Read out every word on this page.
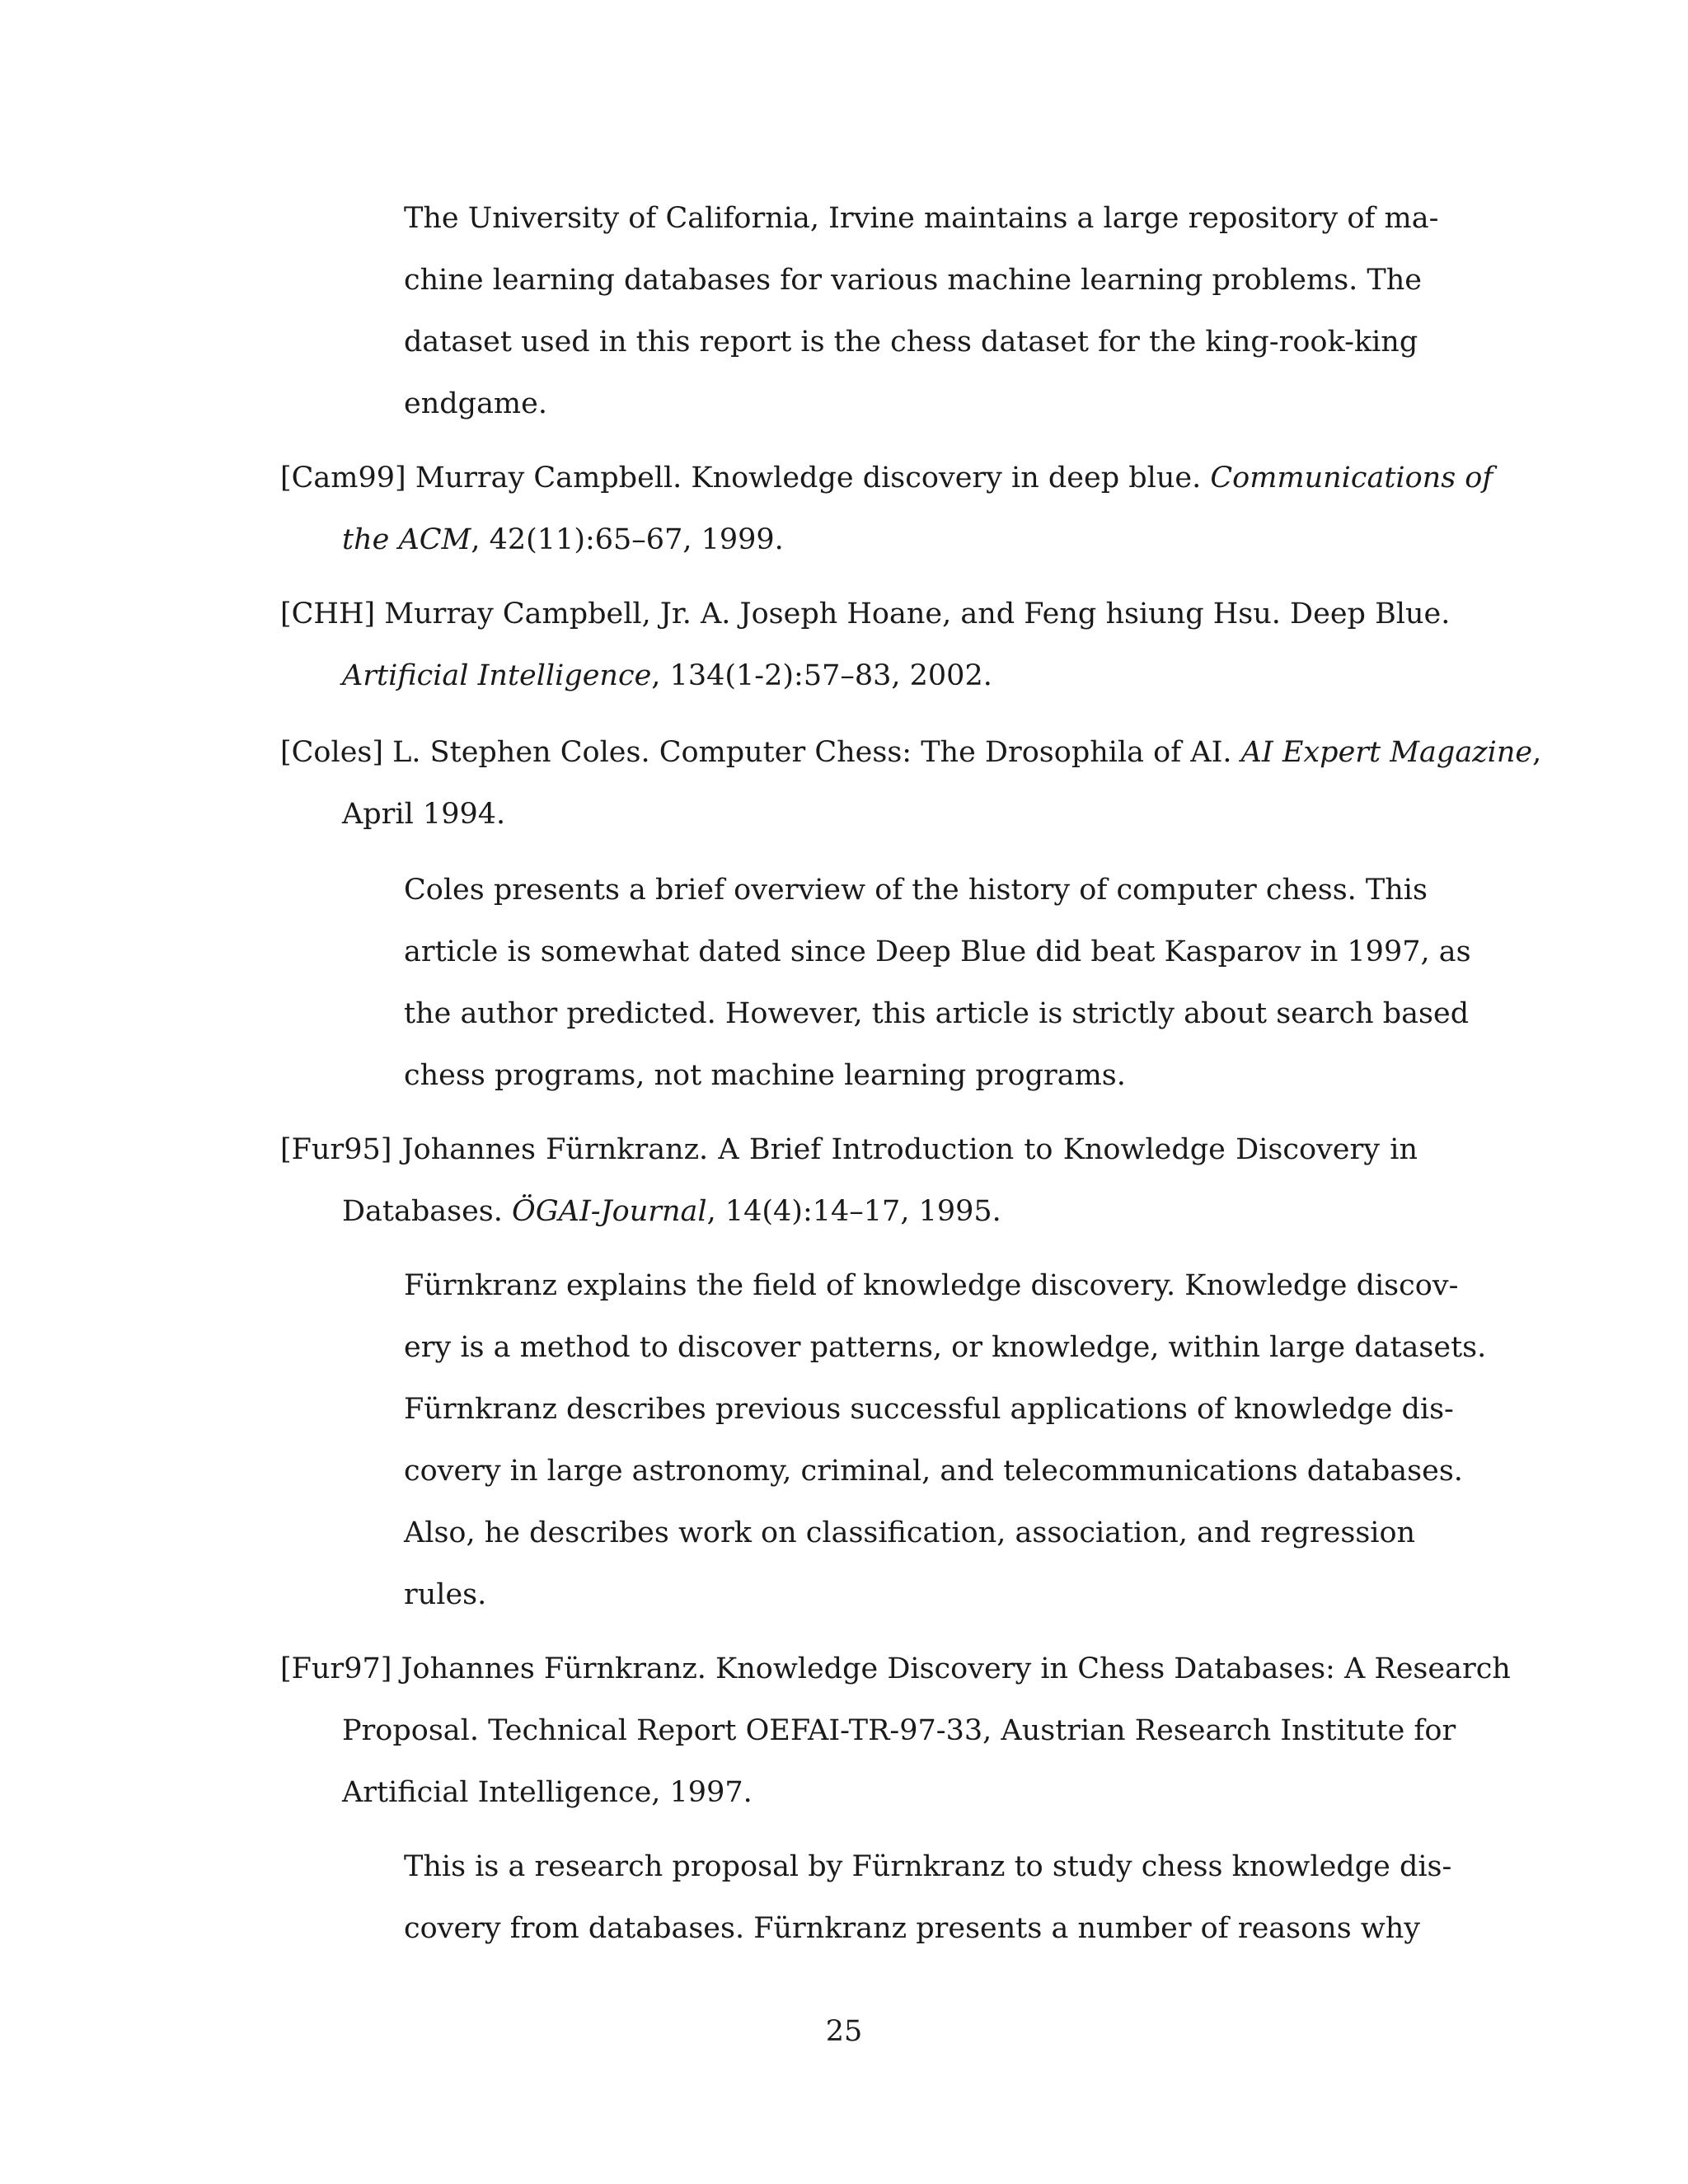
The University of California, Irvine maintains a large repository of ma-
chine learning databases for various machine learning problems. The
dataset used in this report is the chess dataset for the king-rook-king
endgame.
[Cam99] Murray Campbell. Knowledge discovery in deep blue. Communications of
the ACM, 42(11):65–67, 1999.
[CHH] Murray Campbell, Jr. A. Joseph Hoane, and Feng hsiung Hsu. Deep Blue.
Artificial Intelligence, 134(1-2):57–83, 2002.
[Coles] L. Stephen Coles. Computer Chess: The Drosophila of AI. AI Expert Magazine,
April 1994.
Coles presents a brief overview of the history of computer chess. This
article is somewhat dated since Deep Blue did beat Kasparov in 1997, as
the author predicted. However, this article is strictly about search based
chess programs, not machine learning programs.
[Fur95] Johannes Fürnkranz. A Brief Introduction to Knowledge Discovery in
Databases. ÖGAI-Journal, 14(4):14–17, 1995.
Fürnkranz explains the field of knowledge discovery. Knowledge discov-
ery is a method to discover patterns, or knowledge, within large datasets.
Fürnkranz describes previous successful applications of knowledge dis-
covery in large astronomy, criminal, and telecommunications databases.
Also, he describes work on classification, association, and regression
rules.
[Fur97] Johannes Fürnkranz. Knowledge Discovery in Chess Databases: A Research
Proposal. Technical Report OEFAI-TR-97-33, Austrian Research Institute for
Artificial Intelligence, 1997.
This is a research proposal by Fürnkranz to study chess knowledge dis-
covery from databases. Fürnkranz presents a number of reasons why
25
